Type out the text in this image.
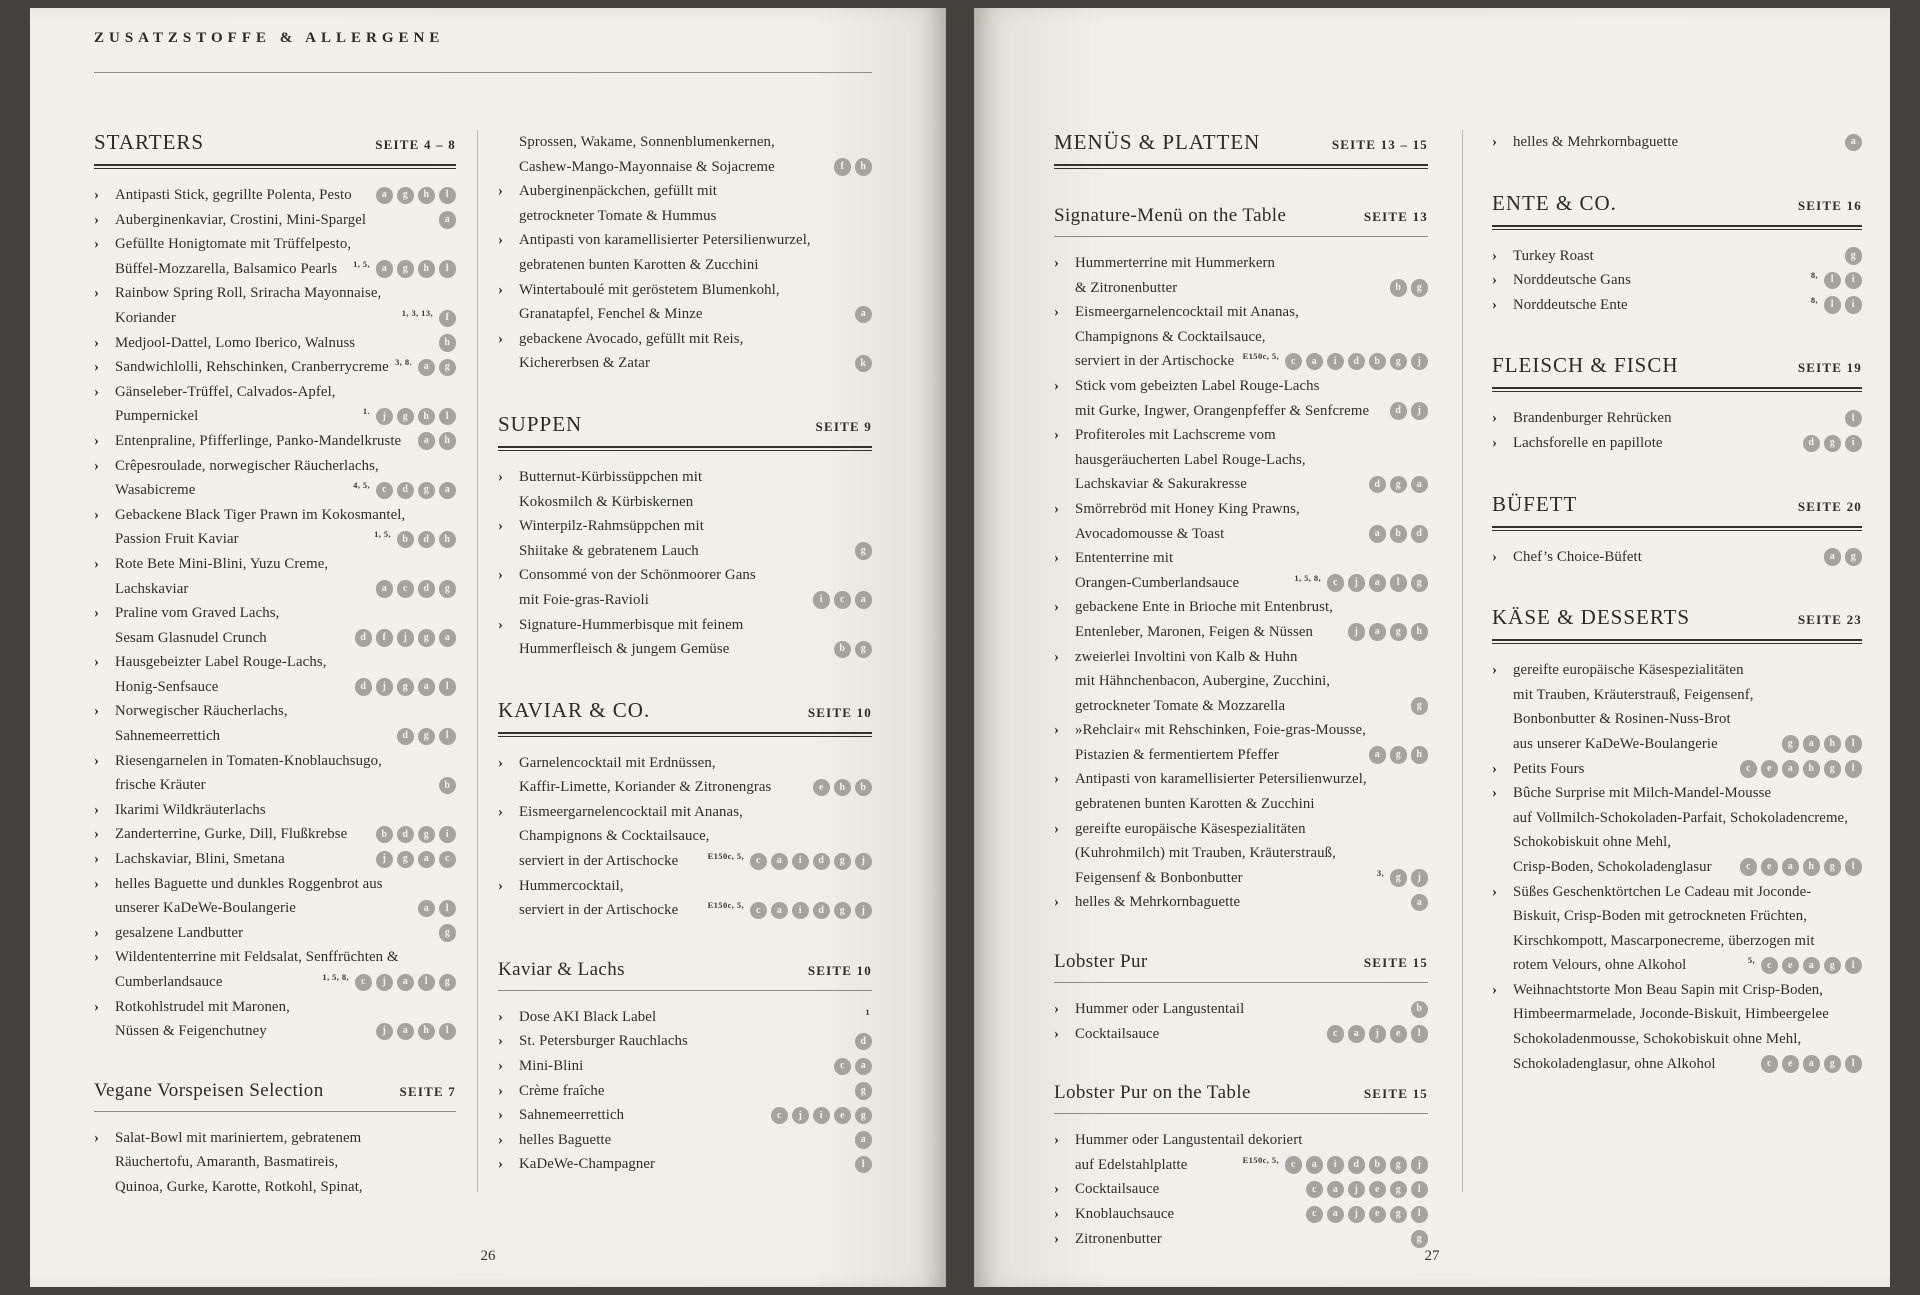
ZUSATZSTOFFE & ALLERGENE
STARTERS	SEITE 4 – 8
›	Antipasti Stick, gegrillte Polenta, Pesto	a	g	h	l
›	Auberginenkaviar, Crostini, Mini-Spargel	a
›	Gefüllte Honigtomate mit Trüffelpesto,
Büffel-Mozzarella, Balsamico Pearls 1, 5,	a	g	h	l
›	Rainbow Spring Roll, Sriracha Mayonnaise,
Koriander	1, 3, 13,	f
›	Medjool-Dattel, Lomo Iberico, Walnuss	h
›	Sandwichlolli, Rehschinken, Cranberrycreme 3, 8.	a	g
›	Gänseleber-Trüffel, Calvados-Apfel,
Pumpernickel	1.	j	g	h	l
›	Entenpraline, Pfifferlinge, Panko-Mandelkruste	a	h
›	Crêpesroulade, norwegischer Räucherlachs,
Wasabicreme	4, 5,	c	d	g	a
›	Gebackene Black Tiger Prawn im Kokosmantel,
Passion Fruit Kaviar	1, 5,	b	d	h
›	Rote Bete Mini-Blini, Yuzu Creme,
Lachskaviar	a	c	d	g
›	Praline vom Graved Lachs,
Sesam Glasnudel Crunch	d	f	j	g	a
›	Hausgebeizter Label Rouge-Lachs,
Honig-Senfsauce	d	j	g	a	l
›	Norwegischer Räucherlachs,
Sahnemeerrettich	d	g	l
›	Riesengarnelen in Tomaten-Knoblauchsugo,
frische Kräuter	b
›	Ikarimi Wildkräuterlachs
›	Zanderterrine, Gurke, Dill, Flußkrebse	b	d	g	i
›	Lachskaviar, Blini, Smetana	j	g	a	c
›	helles Baguette und dunkles Roggenbrot aus
unserer KaDeWe-Boulangerie	a	l
›	gesalzene Landbutter	g
›	Wildententerrine mit Feldsalat, Senffrüchten &
Cumberlandsauce	1, 5, 8,	c	j	a	l	g
›	Rotkohlstrudel mit Maronen,
Nüssen & Feigenchutney	j	a	h	l
Vegane Vorspeisen Selection	SEITE 7
›	Salat-Bowl mit mariniertem, gebratenem
Räuchertofu, Amaranth, Basmatireis,
Quinoa, Gurke, Karotte, Rotkohl, Spinat,
Sprossen, Wakame, Sonnenblumenkernen,
Cashew-Mango-Mayonnaise & Sojacreme	f	h
›	Auberginenpäckchen, gefüllt mit
getrockneter Tomate & Hummus
›	Antipasti von karamellisierter Petersilienwurzel,
gebratenen bunten Karotten & Zucchini
›	Wintertaboulé mit geröstetem Blumenkohl,
Granatapfel, Fenchel & Minze	a
›	gebackene Avocado, gefüllt mit Reis,
Kichererbsen & Zatar	k
SUPPEN	SEITE 9
›	Butternut-Kürbissüppchen mit
Kokosmilch & Kürbiskernen
›	Winterpilz-Rahmsüppchen mit
Shiitake & gebratenem Lauch	g
›	Consommé von der Schönmoorer Gans
mit Foie-gras-Ravioli	i	c	a
›	Signature-Hummerbisque mit feinem
Hummerfleisch & jungem Gemüse	b	g
KAVIAR & CO.	SEITE 10
›	Garnelencocktail mit Erdnüssen,
Kaffir-Limette, Koriander & Zitronengras	e	h	b
›	Eismeergarnelencocktail mit Ananas,
Champignons & Cocktailsauce,
serviert in der Artischocke	E150c, 5,	c	a	i	d	g	j
›	Hummercocktail,
serviert in der Artischocke	E150c, 5,	c	a	i	d	g	j
Kaviar & Lachs	SEITE 10
›	Dose AKI Black Label	1
›	St. Petersburger Rauchlachs	d
›	Mini-Blini	c	a
›	Crème fraîche	g
›	Sahnemeerrettich	c	j	i	e	g
›	helles Baguette	a
›	KaDeWe-Champagner	l
26
MENÜS & PLATTEN	SEITE 13 – 15
Signature-Menü on the Table	SEITE 13
›	Hummerterrine mit Hummerkern
& Zitronenbutter	b	g
›	Eismeergarnelencocktail mit Ananas,
Champignons & Cocktailsauce,
serviert in der Artischocke E150c, 5,	c	a	i	d	b	g	j
›	Stick vom gebeizten Label Rouge-Lachs
mit Gurke, Ingwer, Orangenpfeffer & Senfcreme	d	j
›	Profiteroles mit Lachscreme vom
hausgeräucherten Label Rouge-Lachs,
Lachskaviar & Sakurakresse	d	g	a
›	Smörrebröd mit Honey King Prawns,
Avocadomousse & Toast	a	b	d
›	Ententerrine mit
Orangen-Cumberlandsauce	1, 5, 8,	c	j	a	l	g
›	gebackene Ente in Brioche mit Entenbrust,
Entenleber, Maronen, Feigen & Nüssen	j	a	g	h
›	zweierlei Involtini von Kalb & Huhn
mit Hähnchenbacon, Aubergine, Zucchini,
getrockneter Tomate & Mozzarella	g
›	»Rehclair« mit Rehschinken, Foie-gras-Mousse,
Pistazien & fermentiertem Pfeffer	a	g	h
›	Antipasti von karamellisierter Petersilienwurzel,
gebratenen bunten Karotten & Zucchini
›	gereifte europäische Käsespezialitäten
(Kuhrohmilch) mit Trauben, Kräuterstrauß,
Feigensenf & Bonbonbutter	3,	g	j
›	helles & Mehrkornbaguette	a
Lobster Pur	SEITE 15
›	Hummer oder Langustentail	b
›	Cocktailsauce	c	a	j	e	l
Lobster Pur on the Table	SEITE 15
›	Hummer oder Langustentail dekoriert
auf Edelstahlplatte	E150c, 5,	c	a	i	d	b	g	j
›	Cocktailsauce	c	a	j	e	g	l
›	Knoblauchsauce	c	a	j	e	g	l
›	Zitronenbutter	g
›	helles & Mehrkornbaguette	a
ENTE & CO.	SEITE 16
›	Turkey Roast	g
›	Norddeutsche Gans	8,	l	i
›	Norddeutsche Ente	8,	l	i
FLEISCH & FISCH	SEITE 19
›	Brandenburger Rehrücken	l
›	Lachsforelle en papillote	d	g	i
BÜFETT	SEITE 20
›	Chef’s Choice-Büfett	a	g
KÄSE & DESSERTS	SEITE 23
›	gereifte europäische Käsespezialitäten
mit Trauben, Kräuterstrauß, Feigensenf,
Bonbonbutter & Rosinen-Nuss-Brot
aus unserer KaDeWe-Boulangerie	g	a	h	l
›	Petits Fours	c	e	a	h	g	l
›	Bûche Surprise mit Milch-Mandel-Mousse
auf Vollmilch-Schokoladen-Parfait, Schokoladencreme,
Schokobiskuit ohne Mehl,
Crisp-Boden, Schokoladenglasur	c	e	a	h	g	l
›	Süßes Geschenktörtchen Le Cadeau mit Joconde-
Biskuit, Crisp-Boden mit getrockneten Früchten,
Kirschkompott, Mascarponecreme, überzogen mit
rotem Velours, ohne Alkohol	5,	c	e	a	g	l
›	Weihnachtstorte Mon Beau Sapin mit Crisp-Boden,
Himbeermarmelade, Joconde-Biskuit, Himbeergelee
Schokoladenmousse, Schokobiskuit ohne Mehl,
Schokoladenglasur, ohne Alkohol	c	e	a	g	l
27
